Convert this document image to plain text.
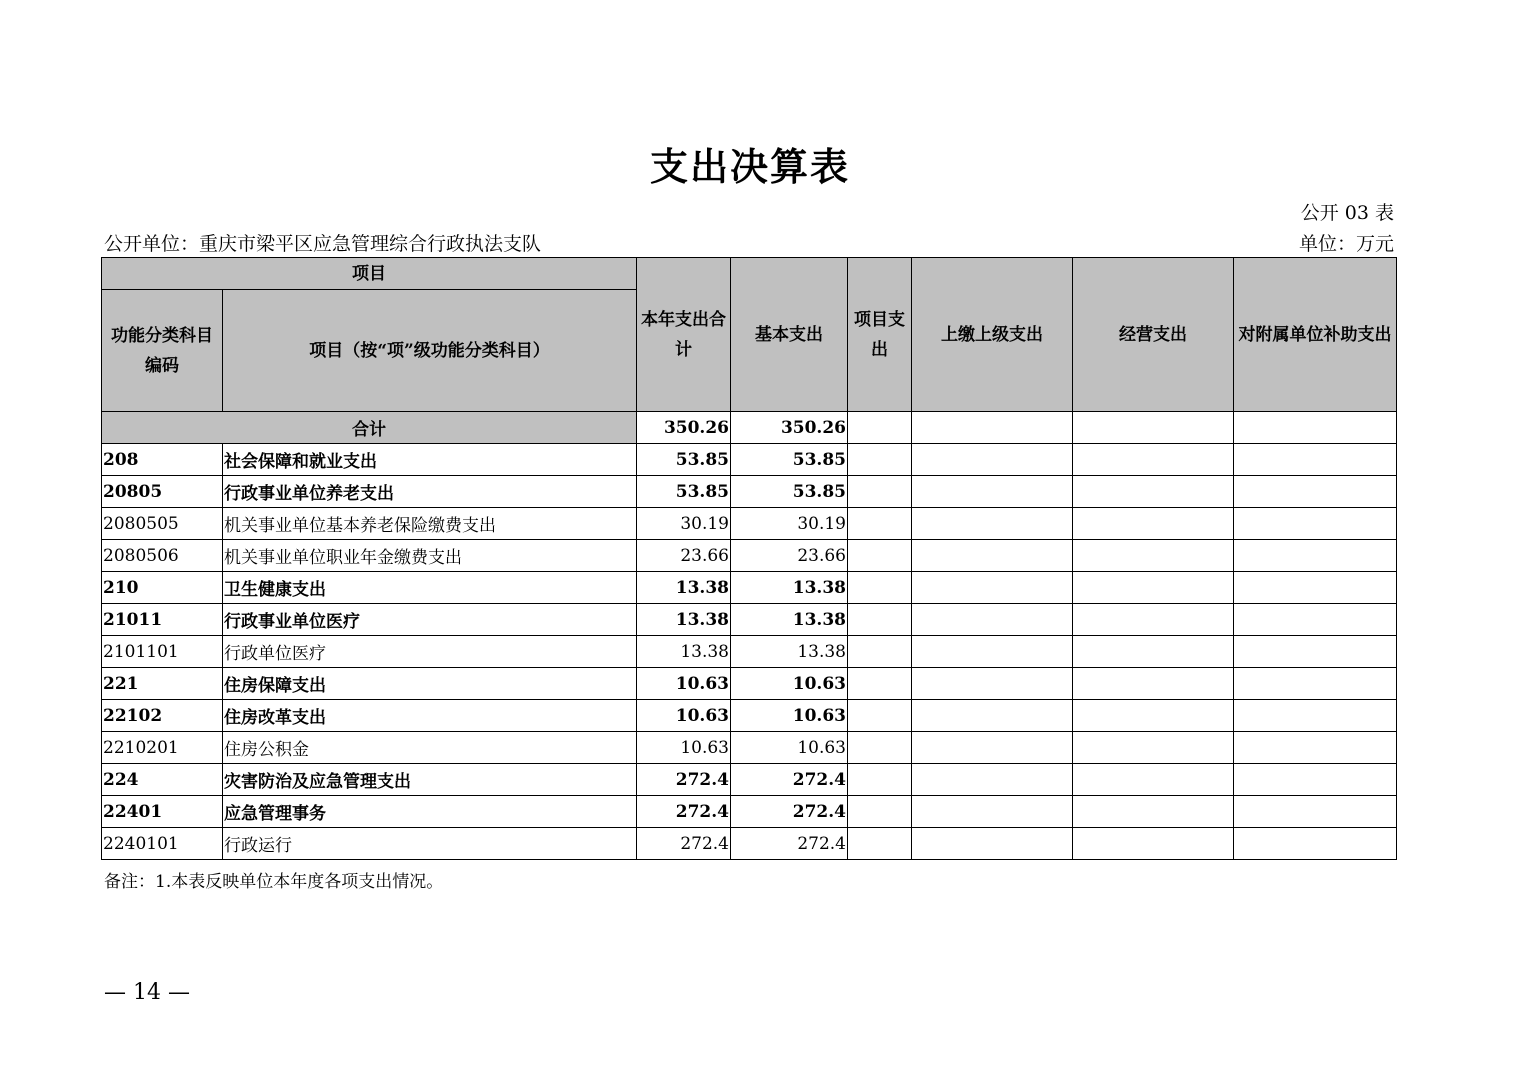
支出决算表
公开 03 表
公开单位：重庆市梁平区应急管理综合行政执法支队	单位：万元
项目		本年支出合计	基本支出	项目支出	上缴上级支出	经营支出	对附属单位补助支出
功能分类科目编码	项目（按“项”级功能分类科目）						
合计		350.26	350.26				
208	社会保障和就业支出	53.85	53.85				
20805	行政事业单位养老支出	53.85	53.85				
2080505	机关事业单位基本养老保险缴费支出	30.19	30.19				
2080506	机关事业单位职业年金缴费支出	23.66	23.66				
210	卫生健康支出	13.38	13.38				
21011	行政事业单位医疗	13.38	13.38				
2101101	行政单位医疗	13.38	13.38				
221	住房保障支出	10.63	10.63				
22102	住房改革支出	10.63	10.63				
2210201	住房公积金	10.63	10.63				
224	灾害防治及应急管理支出	272.4	272.4				
22401	应急管理事务	272.4	272.4				
2240101	行政运行	272.4	272.4				
备注：1.本表反映单位本年度各项支出情况。
— 14 —
